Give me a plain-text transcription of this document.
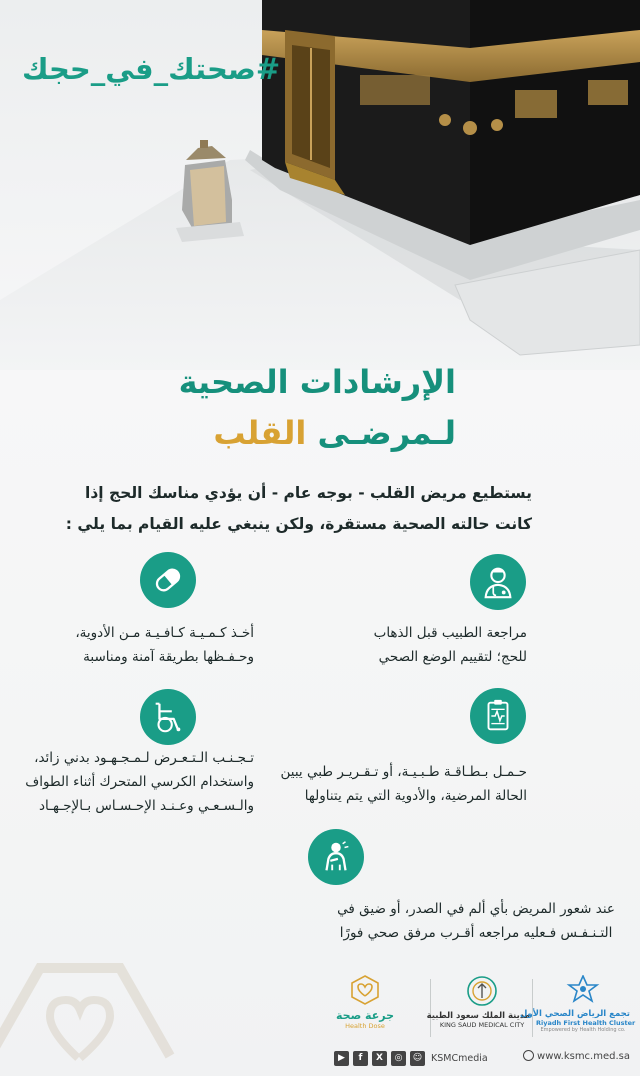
#صحتك_في_حجك
الإرشادات الصحية
لـمرضـى القلب
يستطيع مريض القلب - بوجه عام - أن يؤدي مناسك الحج إذا
كانت حالته الصحية مستقرة، ولكن ينبغي عليه القيام بما يلي :
مراجعة الطبيب قبل الذهاب
للحج؛ لتقييم الوضع الصحي
أخـذ كـمـيـة كـافـيـة مـن الأدوية،
وحـفـظها بطريقة آمنة ومناسبة
حـمـل بـطـاقـة طـبـيـة، أو تـقـريـر طبي يبين
الحالة المرضية، والأدوية التي يتم يتناولها
تـجـنـب الـتـعـرض لـمـجـهـود بدني زائد،
واستخدام الكرسي المتحرك أثناء الطواف
والـسـعـي وعـنـد الإحـسـاس بـالإجـهـاد
عند شعور المريض بأي ألم في الصدر، أو ضيق في
التـنـفـس فـعليه مراجعه أقـرب مرفق صحي فورًا
جرعة صحة
Health Dose
مدينة الملك سعود الطبية
KING SAUD MEDICAL CITY
تجمع الرياض الصحي الأول
Riyadh First Health Cluster
Empowered by Health Holding co.
▶	f	X	◎	☺ KSMCmedia	www.ksmc.med.sa
